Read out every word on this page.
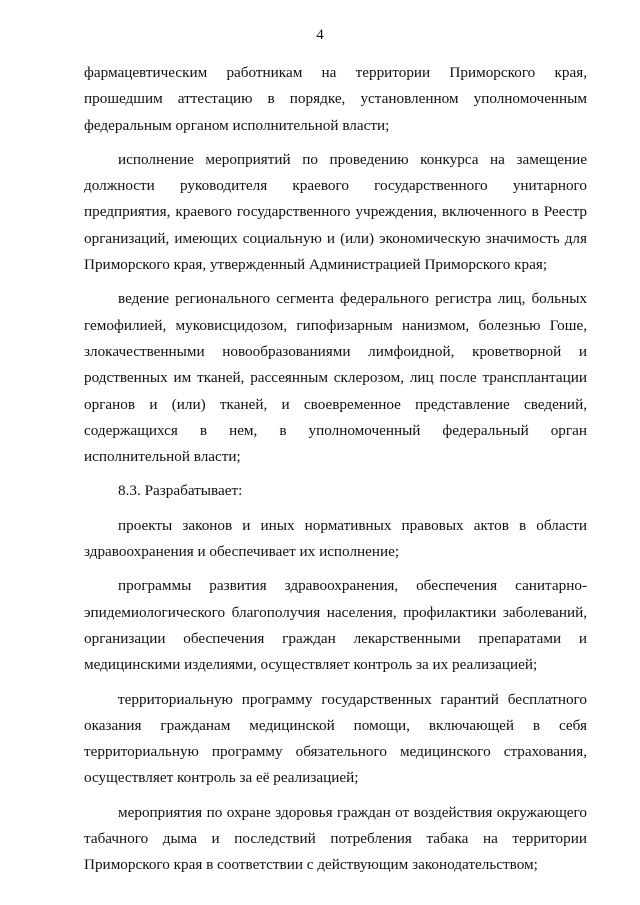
4

фармацевтическим работникам на территории Приморского края, прошедшим аттестацию в порядке, установленном уполномоченным федеральным органом исполнительной власти;

исполнение мероприятий по проведению конкурса на замещение должности руководителя краевого государственного унитарного предприятия, краевого государственного учреждения, включенного в Реестр организаций, имеющих социальную и (или) экономическую значимость для Приморского края, утвержденный Администрацией Приморского края;

ведение регионального сегмента федерального регистра лиц, больных гемофилией, муковисцидозом, гипофизарным нанизмом, болезнью Гоше, злокачественными новообразованиями лимфоидной, кроветворной и родственных им тканей, рассеянным склерозом, лиц после трансплантации органов и (или) тканей, и своевременное представление сведений, содержащихся в нем, в уполномоченный федеральный орган исполнительной власти;

8.3. Разрабатывает:

проекты законов и иных нормативных правовых актов в области здравоохранения и обеспечивает их исполнение;

программы развития здравоохранения, обеспечения санитарно-эпидемиологического благополучия населения, профилактики заболеваний, организации обеспечения граждан лекарственными препаратами и медицинскими изделиями, осуществляет контроль за их реализацией;

территориальную программу государственных гарантий бесплатного оказания гражданам медицинской помощи, включающей в себя территориальную программу обязательного медицинского страхования, осуществляет контроль за её реализацией;

мероприятия по охране здоровья граждан от воздействия окружающего табачного дыма и последствий потребления табака на территории Приморского края в соответствии с действующим законодательством;
